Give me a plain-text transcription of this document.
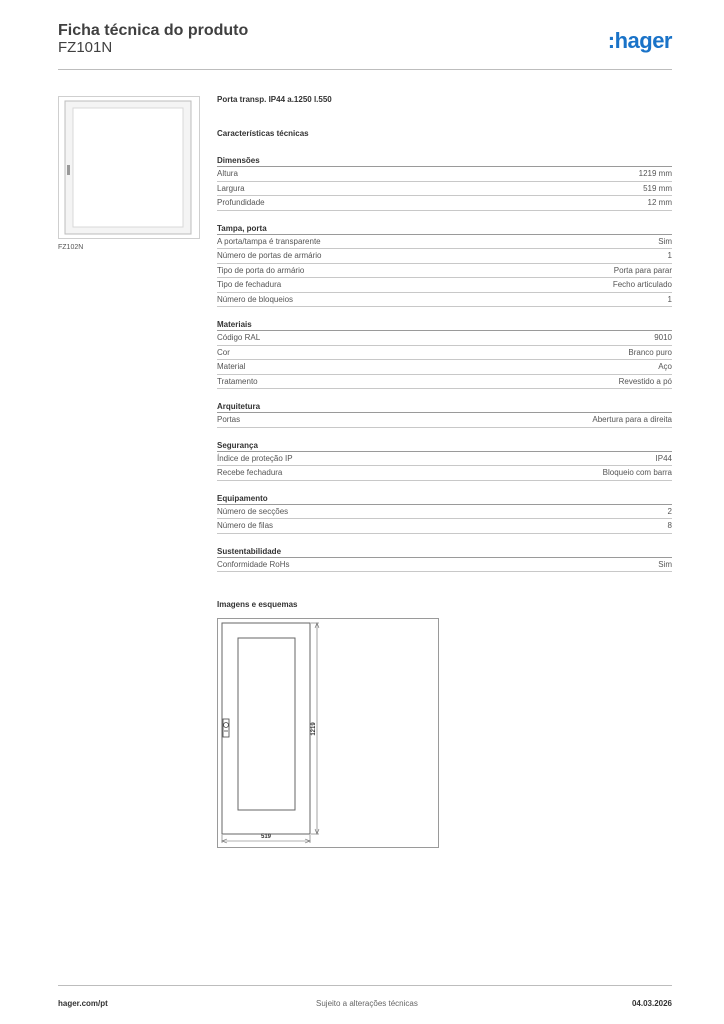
Ficha técnica do produto
FZ101N	:hager
FZ102N
Porta transp. IP44 a.1250 l.550
Características técnicas
Dimensões
Altura	1219 mm
Largura	519 mm
Profundidade	12 mm
Tampa, porta
A porta/tampa é transparente	Sim
Número de portas de armário	1
Tipo de porta do armário	Porta para parar
Tipo de fechadura	Fecho articulado
Número de bloqueios	1
Materiais
Código RAL	9010
Cor	Branco puro
Material	Aço
Tratamento	Revestido a pó
Arquitetura
Portas	Abertura para a direita
Segurança
Índice de proteção IP	IP44
Recebe fechadura	Bloqueio com barra
Equipamento
Número de secções	2
Número de filas	8
Sustentabilidade
Conformidade RoHs	Sim
Imagens e esquemas
519
1219
hager.com/pt	Sujeito a alterações técnicas	04.03.2026
